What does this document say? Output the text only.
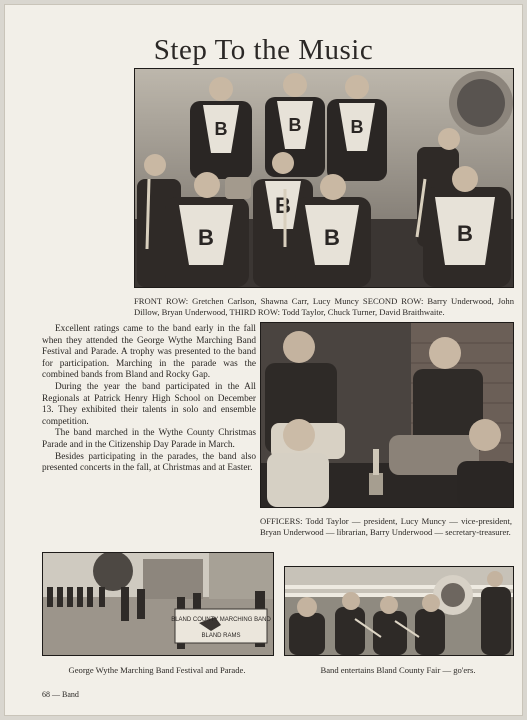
Step To the Music
B	B	B
B
B
B	B
FRONT ROW: Gretchen Carlson, Shawna Carr, Lucy Muncy SECOND ROW: Barry Underwood, John Dillow, Bryan Underwood, THIRD ROW: Todd Taylor, Chuck Turner, David Braithwaite.

Excellent ratings came to the band early in the fall when they attended the George Wythe Marching Band Festival and Parade. A trophy was presented to the band for participation. Marching in the parade was the combined bands from Bland and Rocky Gap.

During the year the band participated in the All Regionals at Patrick Henry High School on December 13. They exhibited their talents in solo and ensemble competition.

The band marched in the Wythe County Christmas Parade and in the Citizenship Day Parade in March.

Besides participating in the parades, the band also presented concerts in the fall, at Christmas and at Easter.

OFFICERS: Todd Taylor — president, Lucy Muncy — vice-president, Bryan Underwood — librarian, Barry Underwood — secretary-treasurer.
BLAND COUNTY MARCHING BAND
BLAND RAMS
George Wythe Marching Band Festival and Parade.	Band entertains Bland County Fair — go'ers.
68 — Band
